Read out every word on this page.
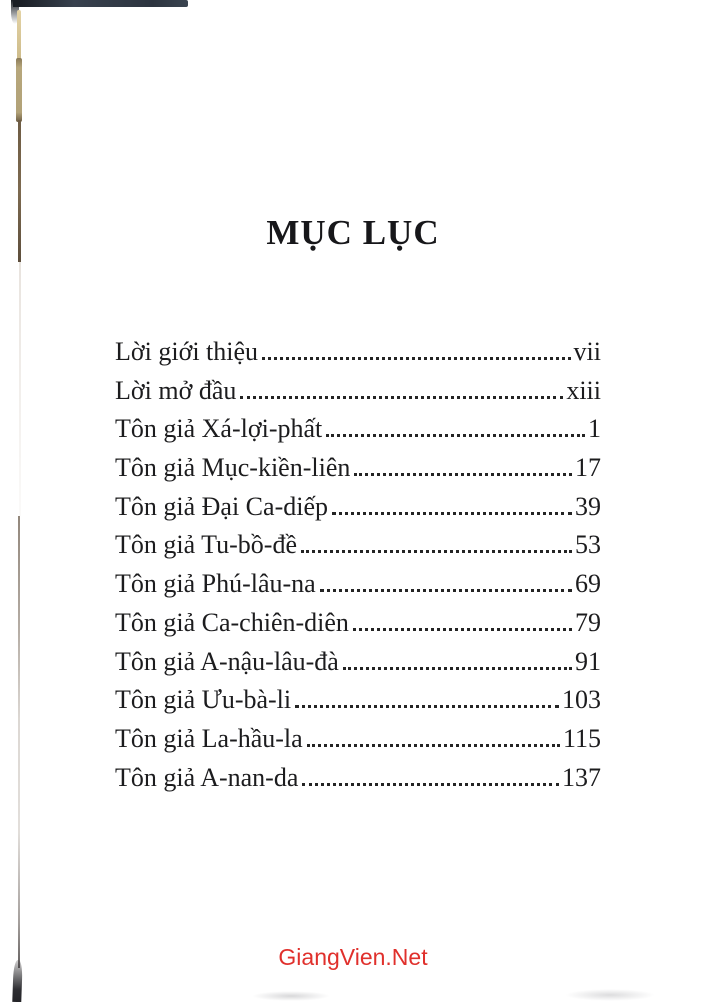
MỤC LỤC
Lời giới thiệu	vii
Lời mở đầu	xiii
Tôn giả Xá-lợi-phất	1
Tôn giả Mục-kiền-liên	17
Tôn giả Đại Ca-diếp	39
Tôn giả Tu-bồ-đề	53
Tôn giả Phú-lâu-na	69
Tôn giả Ca-chiên-diên	79
Tôn giả A-nậu-lâu-đà	91
Tôn giả Ưu-bà-li	103
Tôn giả La-hầu-la	115
Tôn giả A-nan-da	137
GiangVien.Net
